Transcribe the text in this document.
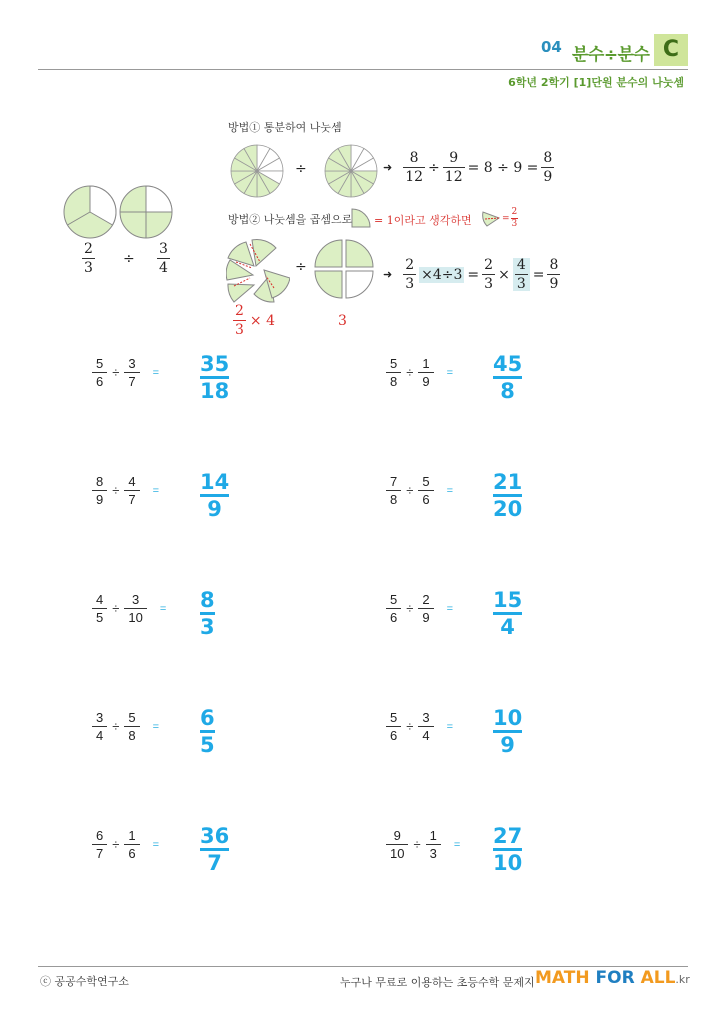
04 분수÷분수 C
6학년 2학기 [1]단원 분수의 나눗셈
$\frac{2}{3} \div \frac{3}{4}$
방법① 통분하여 나눗셈
÷	➜ $\frac{8}{12} \div \frac{9}{12} = 8 \div 9 = \frac{8}{9}$
방법② 나눗셈을 곱셈으로 = 1이라고 생각하면	= $\frac{2}{3}$
÷	➜ $\frac{2}{3} \times 4\div 3 = \frac{2}{3} \times \frac{4}{3} = \frac{8}{9}$
$\frac{2}{3} \times 4$	3
$\frac{5}{6} \div \frac{3}{7} = 35$
18
$\frac{5}{8} \div \frac{1}{9} = 45$
8
$\frac{8}{9} \div \frac{4}{7} = 14$
9
$\frac{7}{8} \div \frac{5}{6} = 21$
20
$\frac{4}{5} \div \frac{3}{10} = 8$
3
$\frac{5}{6} \div \frac{2}{9} = 15$
4
$\frac{3}{4} \div \frac{5}{8} = 6$
5
$\frac{5}{6} \div \frac{3}{4} = 10$
9
$\frac{6}{7} \div \frac{1}{6} = 36$
7
$\frac{9}{10} \div \frac{1}{3} = 27$
10
ⓒ 공공수학연구소	누구나 무료로 이용하는 초등수학 문제지 MATH FOR ALL.kr
